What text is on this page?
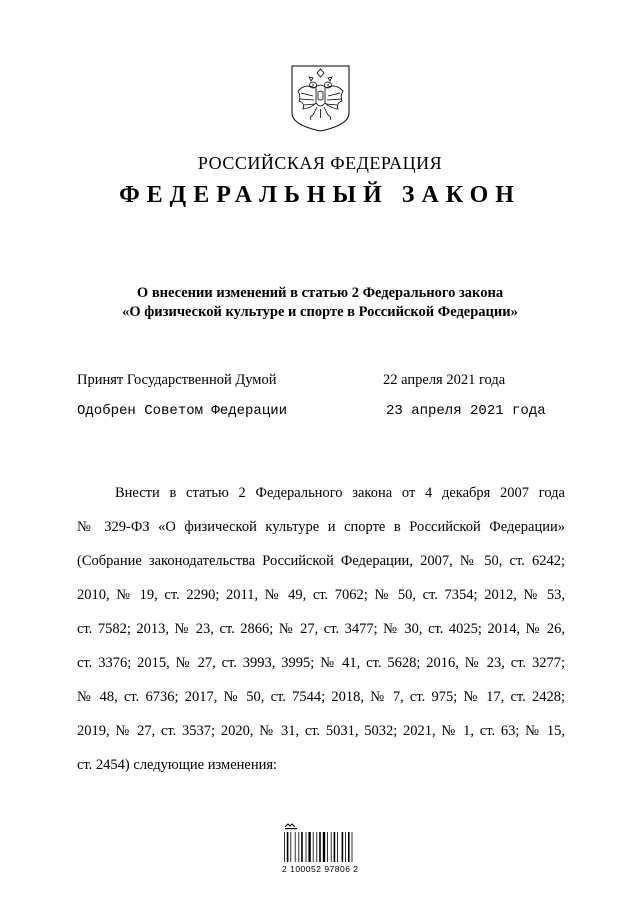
РОССИЙСКАЯ ФЕДЕРАЦИЯ
ФЕДЕРАЛЬНЫЙ ЗАКОН
О внесении изменений в статью 2 Федерального закона
«О физической культуре и спорте в Российской Федерации»
Принят Государственной Думой	22 апреля 2021 года
Одобрен Советом Федерации	23 апреля 2021 года
Внести в статью 2 Федерального закона от 4 декабря 2007 года
№ 329-ФЗ «О физической культуре и спорте в Российской Федерации»
(Собрание законодательства Российской Федерации, 2007, № 50, ст. 6242;
2010, № 19, ст. 2290; 2011, № 49, ст. 7062; № 50, ст. 7354; 2012, № 53,
ст. 7582; 2013, № 23, ст. 2866; № 27, ст. 3477; № 30, ст. 4025; 2014, № 26,
ст. 3376; 2015, № 27, ст. 3993, 3995; № 41, ст. 5628; 2016, № 23, ст. 3277;
№ 48, ст. 6736; 2017, № 50, ст. 7544; 2018, № 7, ст. 975; № 17, ст. 2428;
2019, № 27, ст. 3537; 2020, № 31, ст. 5031, 5032; 2021, № 1, ст. 63; № 15,
ст. 2454) следующие изменения:
2 100052 97806 2
